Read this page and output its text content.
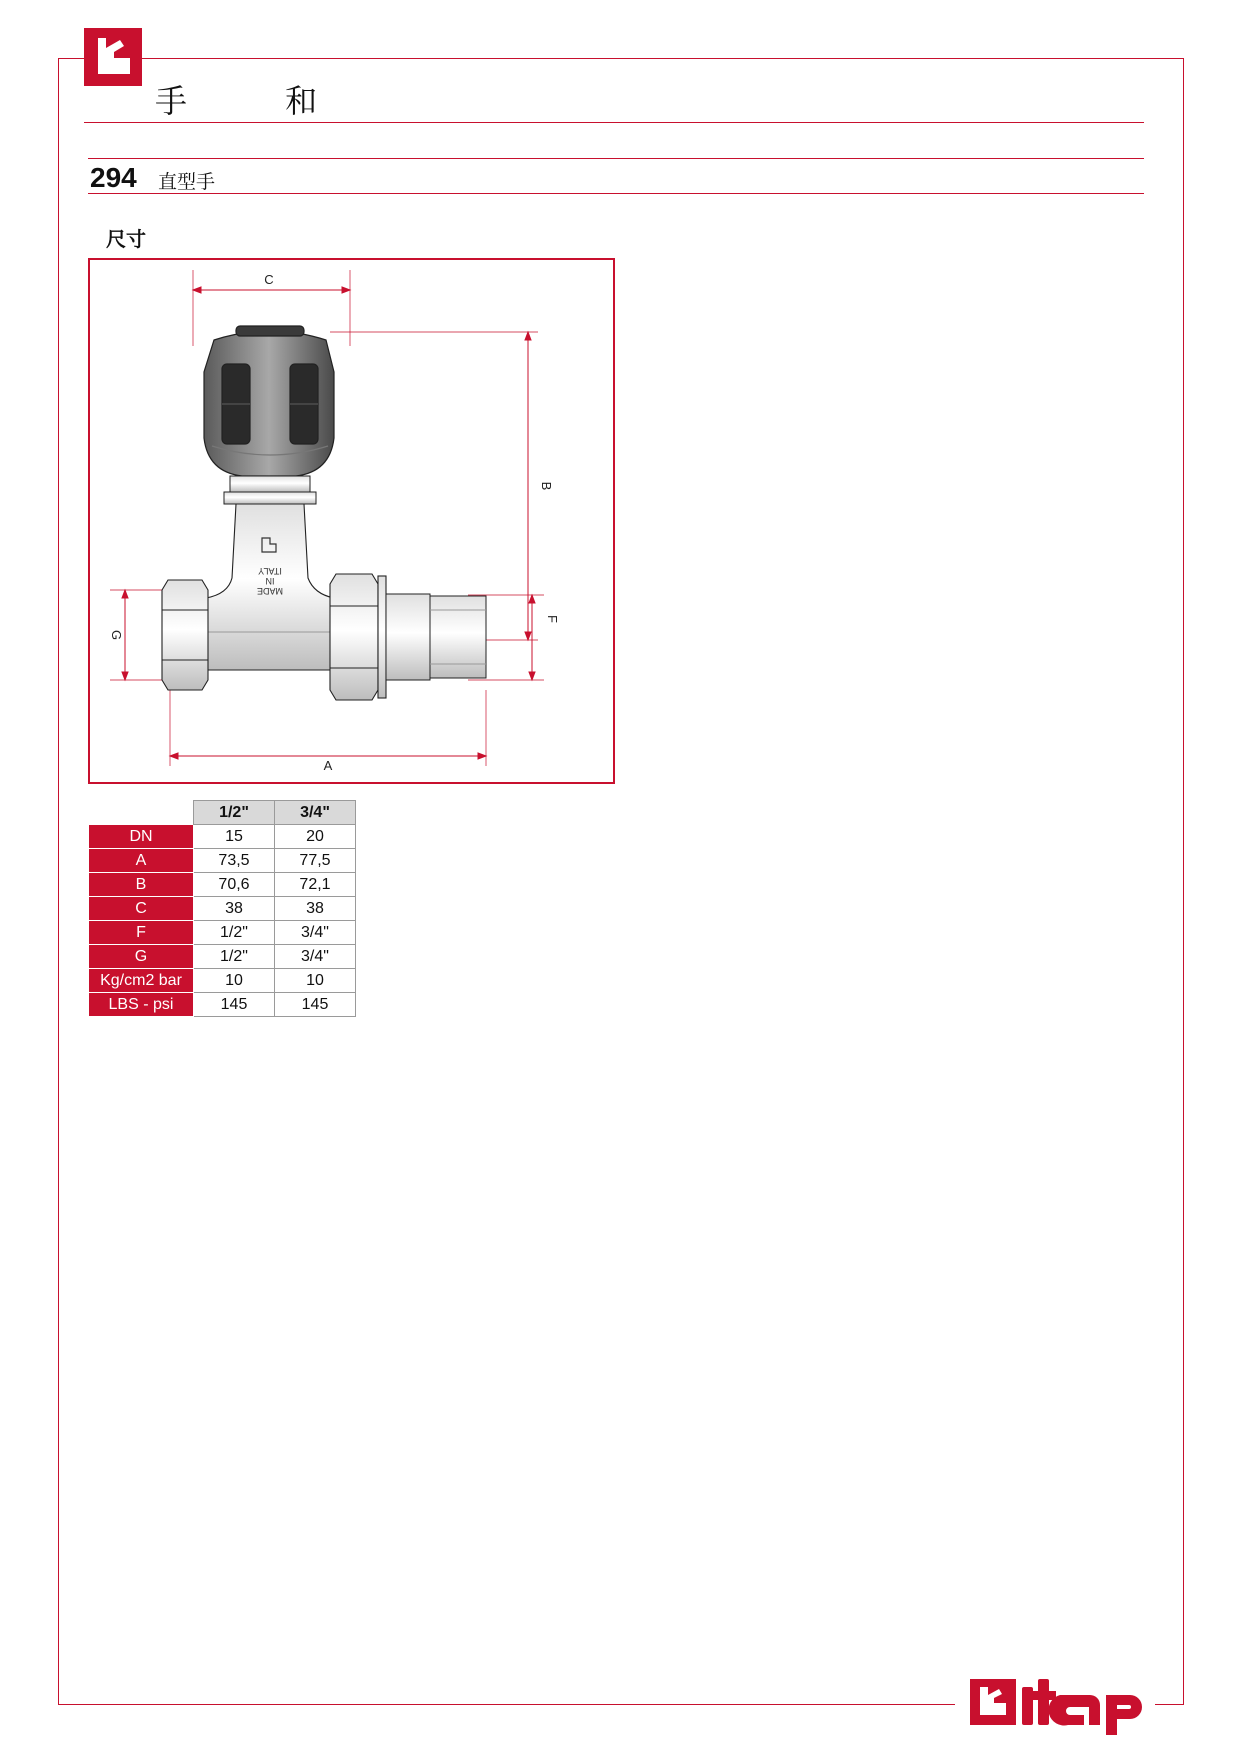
手 和
294 直型手
尺寸
C
B
G
F
A
ITALY
IN
MADE
	1/2"	3/4"
DN	15	20
A	73,5	77,5
B	70,6	72,1
C	38	38
F	1/2"	3/4"
G	1/2"	3/4"
Kg/cm2 bar	10	10
LBS - psi	145	145
